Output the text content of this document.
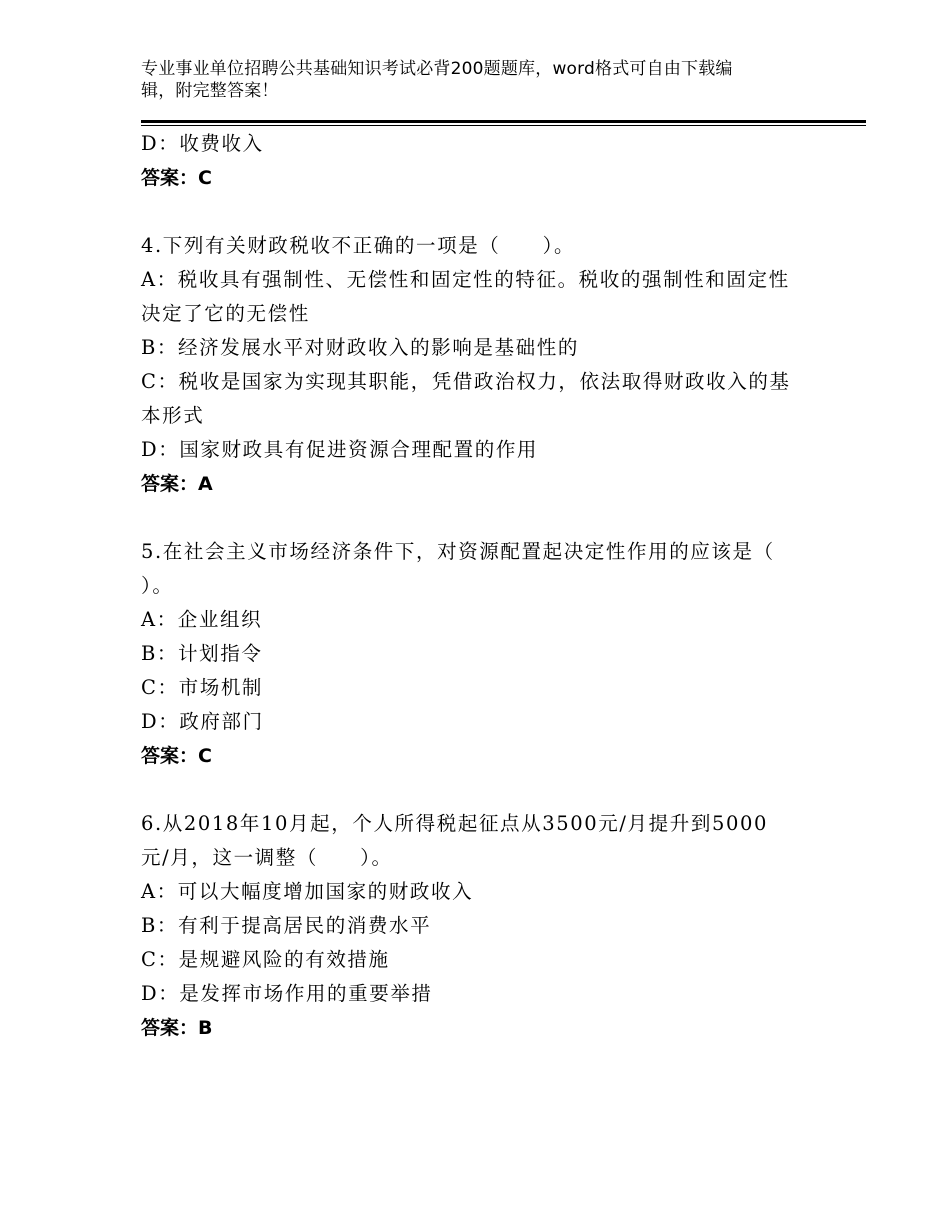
专业事业单位招聘公共基础知识考试必背200题题库，word格式可自由下载编
辑，附完整答案！
D：收费收入
答案：C
4.下列有关财政税收不正确的一项是（　　）。
A：税收具有强制性、无偿性和固定性的特征。税收的强制性和固定性
决定了它的无偿性
B：经济发展水平对财政收入的影响是基础性的
C：税收是国家为实现其职能，凭借政治权力，依法取得财政收入的基
本形式
D：国家财政具有促进资源合理配置的作用
答案：A
5.在社会主义市场经济条件下，对资源配置起决定性作用的应该是（
）。
A：企业组织
B：计划指令
C：市场机制
D：政府部门
答案：C
6.从2018年10月起，个人所得税起征点从3500元/月提升到5000
元/月，这一调整（　　）。
A：可以大幅度增加国家的财政收入
B：有利于提高居民的消费水平
C：是规避风险的有效措施
D：是发挥市场作用的重要举措
答案：B
